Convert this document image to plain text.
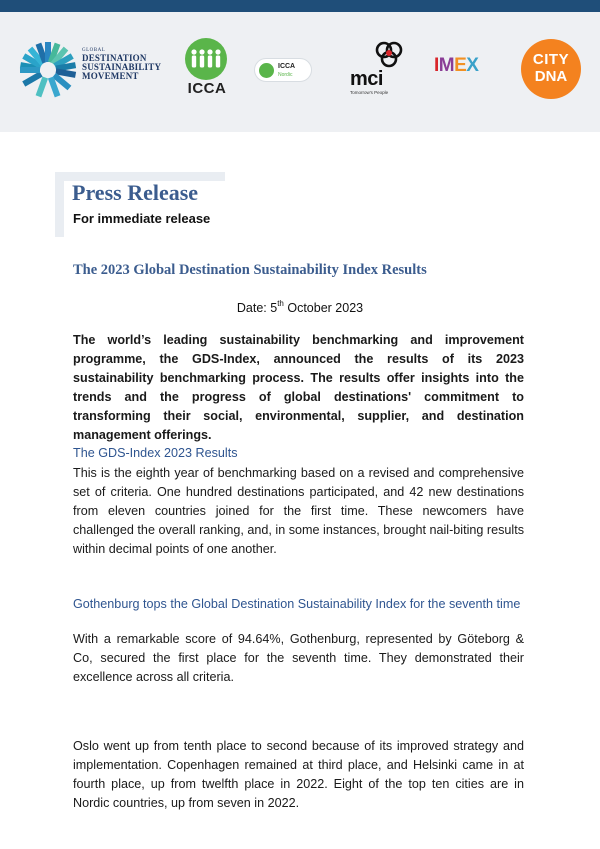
GLOBAL
DESTINATION
SUSTAINABILITY
MOVEMENT
ICCA
ICCA
Nordic	mci
Tomorrow's People
IMEX	CITY
DNA
Press Release
For immediate release
The 2023 Global Destination Sustainability Index Results
Date: 5th October 2023
The world’s leading sustainability benchmarking and improvement programme, the GDS-Index, announced the results of its 2023 sustainability benchmarking process. The results offer insights into the trends and the progress of global destinations' commitment to transforming their social, environmental, supplier, and destination management offerings.
The GDS-Index 2023 Results
This is the eighth year of benchmarking based on a revised and comprehensive set of criteria. One hundred destinations participated, and 42 new destinations from eleven countries joined for the first time. These newcomers have challenged the overall ranking, and, in some instances, brought nail-biting results within decimal points of one another.
Gothenburg tops the Global Destination Sustainability Index for the seventh time
With a remarkable score of 94.64%, Gothenburg, represented by Göteborg & Co, secured the first place for the seventh time. They demonstrated their excellence across all criteria.
Oslo went up from tenth place to second because of its improved strategy and implementation. Copenhagen remained at third place, and Helsinki came in at fourth place, up from twelfth place in 2022. Eight of the top ten cities are in Nordic countries, up from seven in 2022.
